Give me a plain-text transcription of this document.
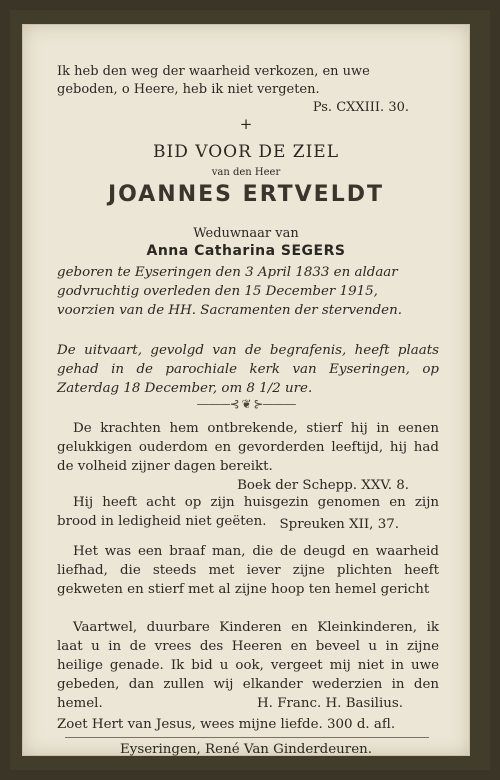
Ik heb den weg der waarheid verkozen, en uwe

geboden, o Heere, heb ik niet vergeten.

Ps. CXXIII. 30.

+

BID VOOR DE ZIEL

van den Heer

JOANNES ERTVELDT

Weduwnaar van

Anna Catharina SEGERS

geboren te Eyseringen den 3 April 1833 en aldaar

godvruchtig overleden den 15 December 1915,

voorzien van de HH. Sacramenten der stervenden.

De uitvaart, gevolgd van de begrafenis, heeft plaats gehad in de parochiale kerk van Eyseringen, op Zaterdag 18 December, om 8 1/2 ure.

———⊰ ❦ ⊱———

De krachten hem ontbrekende, stierf hij in eenen gelukkigen ouderdom en gevorderden leeftijd, hij had de volheid zijner dagen bereikt.

Boek der Schepp. XXV. 8.

Hij heeft acht op zijn huisgezin genomen en zijn brood in ledigheid niet geëten. Spreuken XII, 37.

Het was een braaf man, die de deugd en waarheid liefhad, die steeds met iever zijne plichten heeft gekweten en stierf met al zijne hoop ten hemel gericht

Vaartwel, duurbare Kinderen en Kleinkinderen, ik laat u in de vrees des Heeren en beveel u in zijne heilige genade. Ik bid u ook, vergeet mij niet in uwe gebeden, dan zullen wij elkander wederzien in den hemel.	H. Franc. H. Basilius.

Zoet Hert van Jesus, wees mijne liefde. 300 d. afl.

Eyseringen, René Van Ginderdeuren.
